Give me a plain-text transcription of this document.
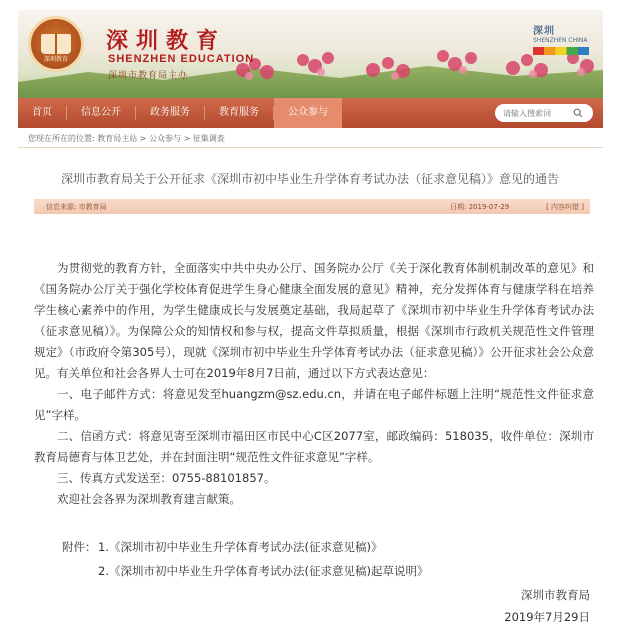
深圳教育
深圳教育
SHENZHEN EDUCATION
深圳市教育局主办
深圳
SHENZHEN CHINA
首页	信息公开	政务服务	教育服务	公众参与
请输入搜索词
您现在所在的位置: 教育局主站 > 公众参与 > 征集调查
深圳市教育局关于公开征求《深圳市初中毕业生升学体育考试办法（征求意见稿）》意见的通告
信息来源: 市教育局	日期: 2019-07-29	[ 内容纠错 ]

为贯彻党的教育方针，全面落实中共中央办公厅、国务院办公厅《关于深化教育体制机制改革的意见》和《国务院办公厅关于强化学校体育促进学生身心健康全面发展的意见》精神，充分发挥体育与健康学科在培养学生核心素养中的作用，为学生健康成长与发展奠定基础，我局起草了《深圳市初中毕业生升学体育考试办法（征求意见稿）》。为保障公众的知情权和参与权，提高文件草拟质量，根据《深圳市行政机关规范性文件管理规定》（市政府令第305号），现就《深圳市初中毕业生升学体育考试办法（征求意见稿）》公开征求社会公众意见。有关单位和社会各界人士可在2019年8月7日前，通过以下方式表达意见：

一、电子邮件方式：将意见发至huangzm@sz.edu.cn，并请在电子邮件标题上注明“规范性文件征求意见”字样。

二、信函方式：将意见寄至深圳市福田区市民中心C区2077室，邮政编码：518035，收件单位：深圳市教育局德育与体卫艺处，并在封面注明“规范性文件征求意见”字样。

三、传真方式发送至：0755-88101857。

欢迎社会各界为深圳教育建言献策。

附件： 1.《深圳市初中毕业生升学体育考试办法(征求意见稿)》
2.《深圳市初中毕业生升学体育考试办法(征求意见稿)起草说明》
深圳市教育局
2019年7月29日
